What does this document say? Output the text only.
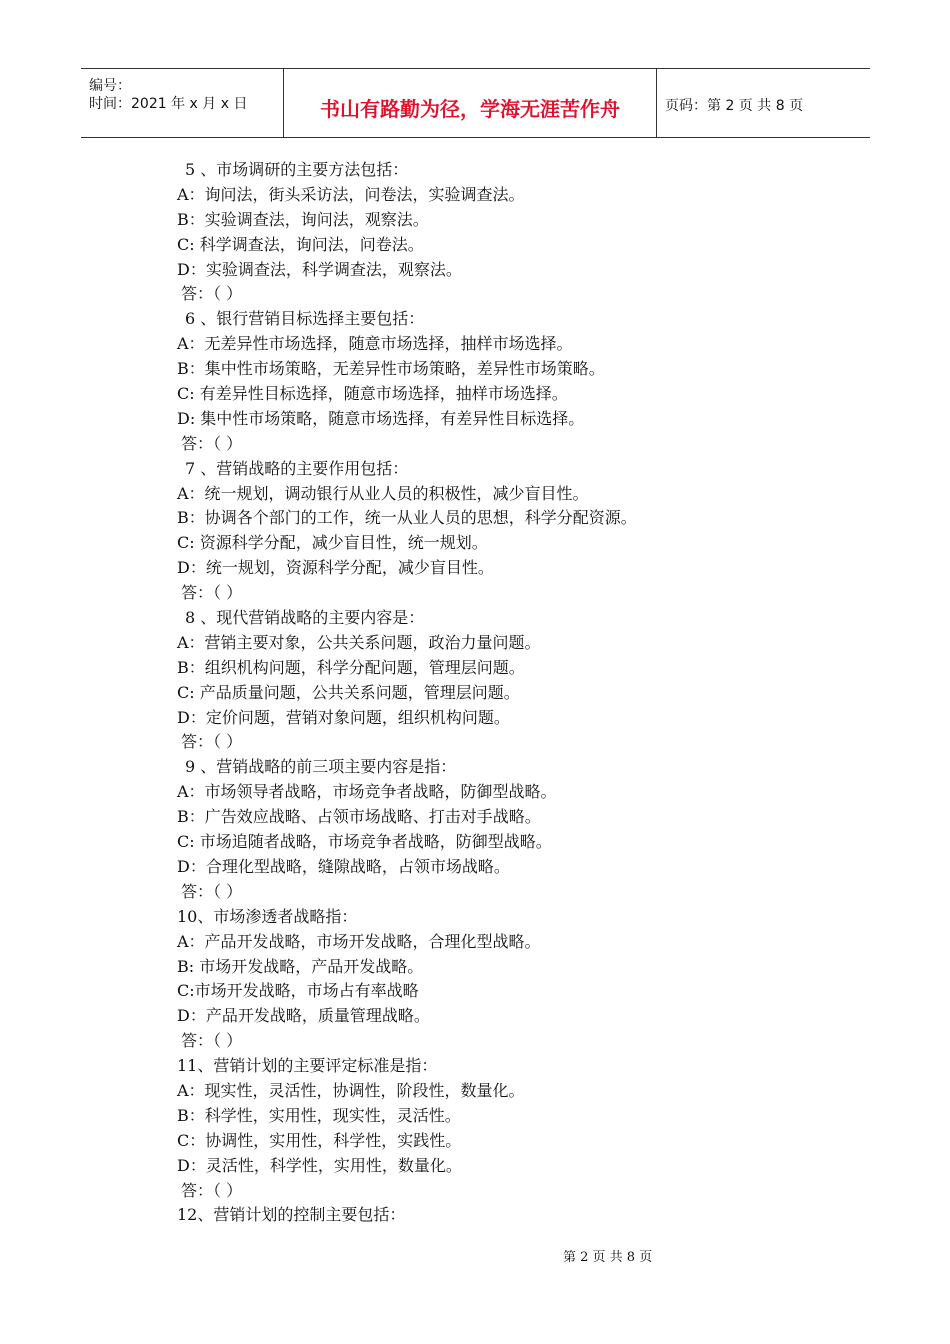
编号：
时间：2021 年 x 月 x 日	书山有路勤为径，学海无涯苦作舟	页码：第 2 页 共 8 页
5 、市场调研的主要方法包括：
A：询问法，街头采访法，问卷法，实验调查法。
B：实验调查法，询问法，观察法。
C: 科学调查法，询问法，问卷法。
D：实验调查法，科学调查法，观察法。
答：（ ）
6 、银行营销目标选择主要包括：
A：无差异性市场选择，随意市场选择，抽样市场选择。
B：集中性市场策略，无差异性市场策略，差异性市场策略。
C: 有差异性目标选择，随意市场选择，抽样市场选择。
D: 集中性市场策略，随意市场选择，有差异性目标选择。
答：（ ）
7 、营销战略的主要作用包括：
A：统一规划，调动银行从业人员的积极性，减少盲目性。
B：协调各个部门的工作，统一从业人员的思想，科学分配资源。
C: 资源科学分配，减少盲目性，统一规划。
D：统一规划，资源科学分配，减少盲目性。
答：（ ）
8 、现代营销战略的主要内容是：
A：营销主要对象，公共关系问题，政治力量问题。
B：组织机构问题，科学分配问题，管理层问题。
C: 产品质量问题，公共关系问题，管理层问题。
D：定价问题，营销对象问题，组织机构问题。
答：（ ）
9 、营销战略的前三项主要内容是指：
A：市场领导者战略，市场竞争者战略，防御型战略。
B：广告效应战略、占领市场战略、打击对手战略。
C: 市场追随者战略，市场竞争者战略，防御型战略。
D：合理化型战略，缝隙战略，占领市场战略。
答：（ ）
10、市场渗透者战略指：
A：产品开发战略，市场开发战略，合理化型战略。
B: 市场开发战略，产品开发战略。
C:市场开发战略，市场占有率战略
D：产品开发战略，质量管理战略。
答：（ ）
11、营销计划的主要评定标准是指：
A：现实性，灵活性，协调性，阶段性，数量化。
B：科学性，实用性，现实性，灵活性。
C：协调性，实用性，科学性，实践性。
D：灵活性，科学性，实用性，数量化。
答：（ ）
12、营销计划的控制主要包括：
第 2 页 共 8 页
